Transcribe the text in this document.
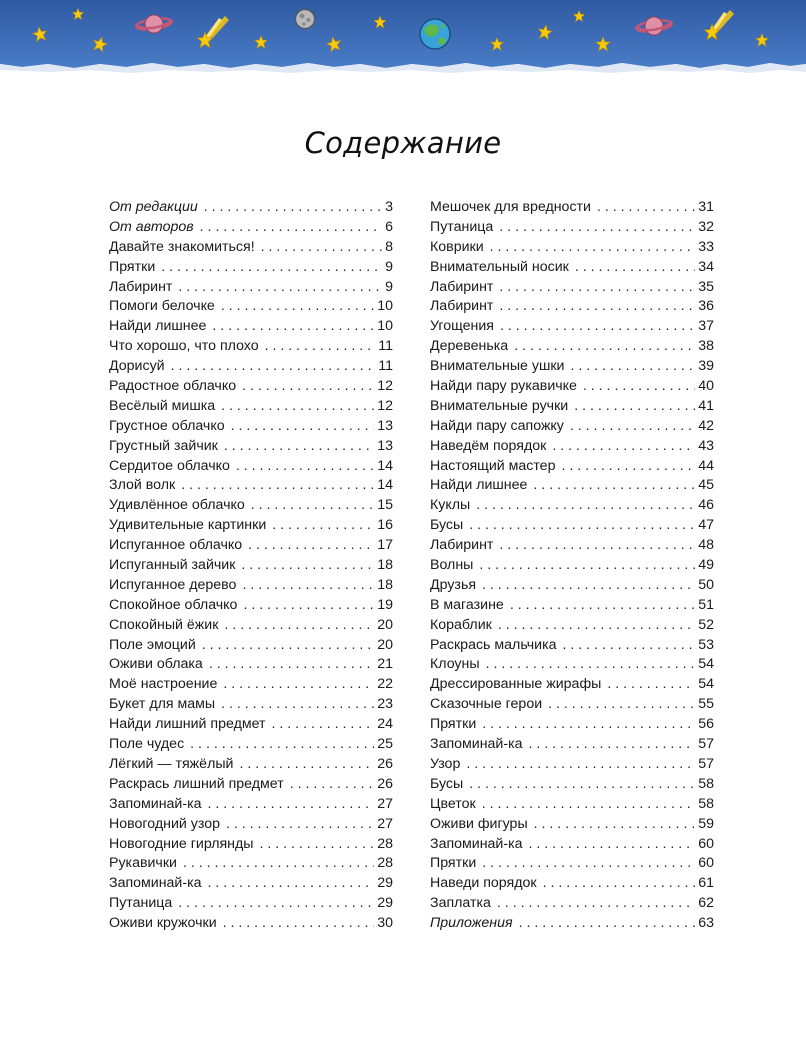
Содержание
От редакции . . .	3
От авторов . . .	6
Давайте знакомиться! . . .	8
Прятки . . .	9
Лабиринт . . .	9
Помоги белочке . . .	10
Найди лишнее . . .	10
Что хорошо, что плохо . . .	11
Дорисуй . . .	11
Радостное облачко . . .	12
Весёлый мишка . . .	12
Грустное облачко . . .	13
Грустный зайчик . . .	13
Сердитое облачко . . .	14
Злой волк . . .	14
Удивлённое облачко . . .	15
Удивительные картинки . . .	16
Испуганное облачко . . .	17
Испуганный зайчик . . .	18
Испуганное дерево . . .	18
Спокойное облачко . . .	19
Спокойный ёжик . . .	20
Поле эмоций . . .	20
Оживи облака . . .	21
Моё настроение . . .	22
Букет для мамы . . .	23
Найди лишний предмет . . .	24
Поле чудес . . .	25
Лёгкий — тяжёлый . . .	26
Раскрась лишний предмет . . .	26
Запоминай-ка . . .	27
Новогодний узор . . .	27
Новогодние гирлянды . . .	28
Рукавички . . .	28
Запоминай-ка . . .	29
Путаница . . .	29
Оживи кружочки . . .	30
Мешочек для вредности . . .	31
Путаница . . .	32
Коврики . . .	33
Внимательный носик . . .	34
Лабиринт . . .	35
Лабиринт . . .	36
Угощения . . .	37
Деревенька . . .	38
Внимательные ушки . . .	39
Найди пару рукавичке . . .	40
Внимательные ручки . . .	41
Найди пару сапожку . . .	42
Наведём порядок . . .	43
Настоящий мастер . . .	44
Найди лишнее . . .	45
Куклы . . .	46
Бусы . . .	47
Лабиринт . . .	48
Волны . . .	49
Друзья . . .	50
В магазине . . .	51
Кораблик . . .	52
Раскрась мальчика . . .	53
Клоуны . . .	54
Дрессированные жирафы . . .	54
Сказочные герои . . .	55
Прятки . . .	56
Запоминай-ка . . .	57
Узор . . .	57
Бусы . . .	58
Цветок . . .	58
Оживи фигуры . . .	59
Запоминай-ка . . .	60
Прятки . . .	60
Наведи порядок . . .	61
Заплатка . . .	62
Приложения . . .	63
